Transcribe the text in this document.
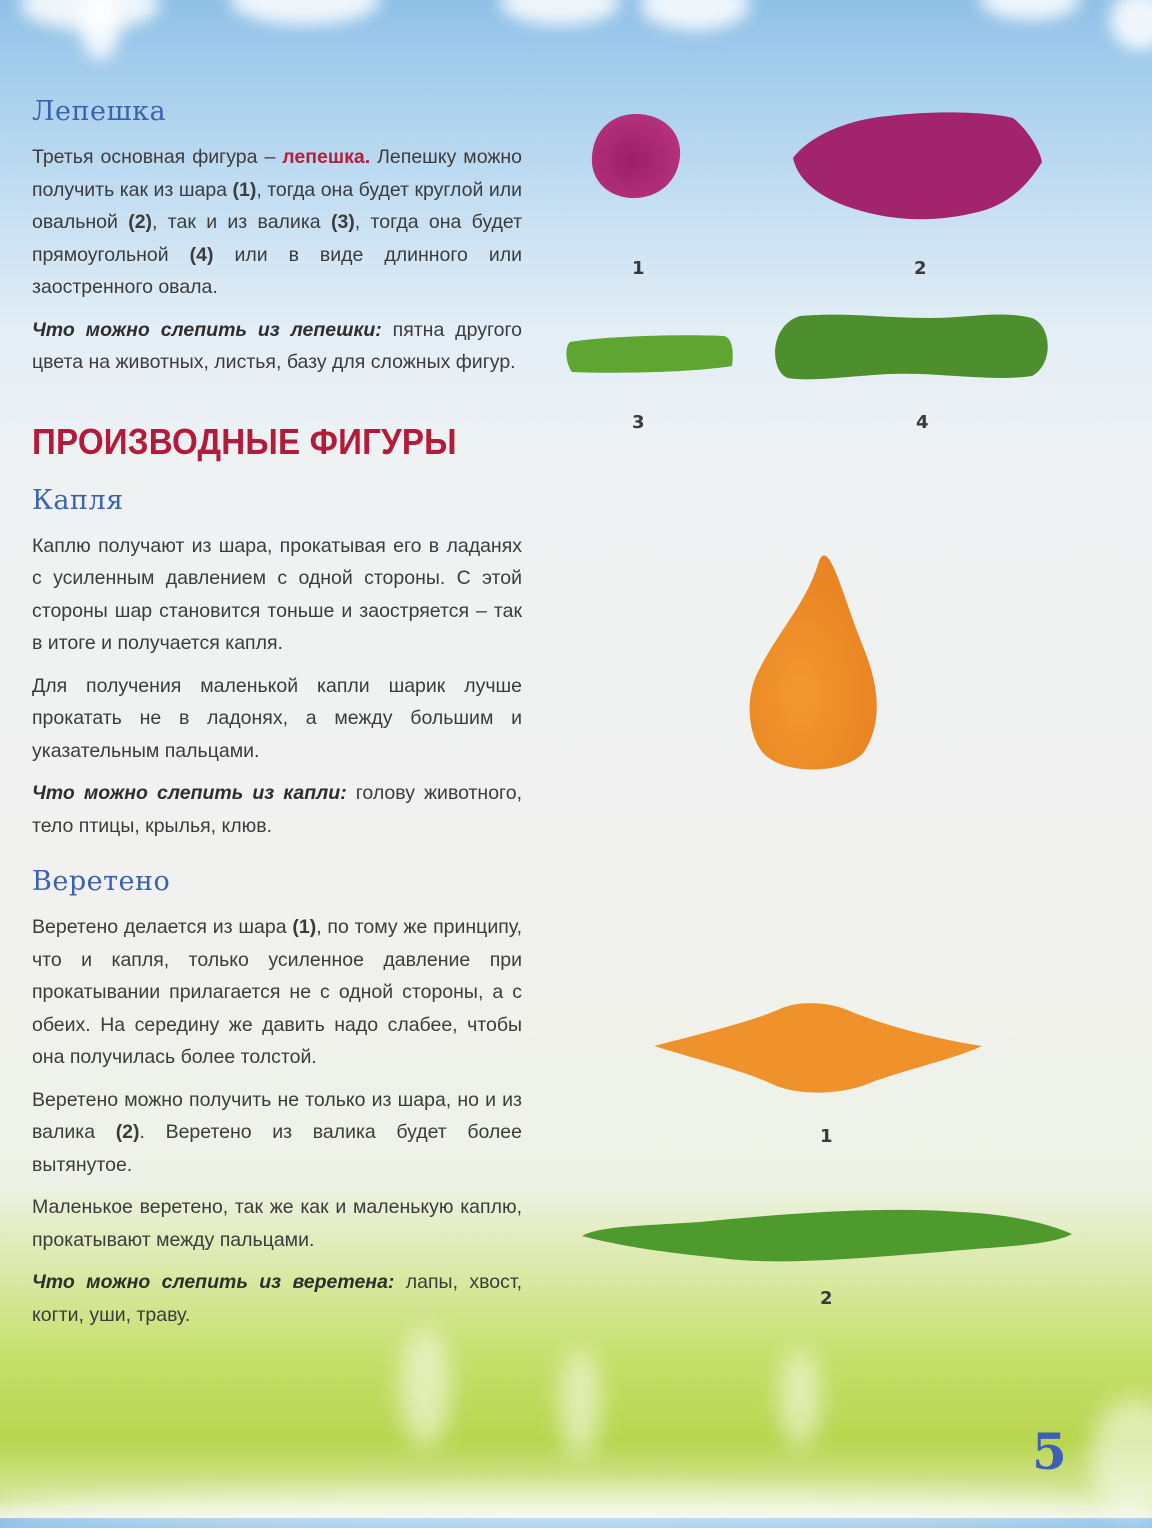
Лепешка

Третья основная фигура – лепешка. Лепешку можно получить как из шара (1), тогда она будет круглой или овальной (2), так и из валика (3), тогда она будет прямоугольной (4) или в виде длинного или заостренного овала.

Что можно слепить из лепешки: пятна другого цвета на животных, листья, базу для сложных фигур.

ПРОИЗВОДНЫЕ ФИГУРЫ
Капля

Каплю получают из шара, прокатывая его в ладанях с усиленным давлением с одной стороны. С этой стороны шар становится тоньше и заостряется – так в итоге и получается капля.

Для получения маленькой капли шарик лучше прокатать не в ладонях, а между большим и указательным пальцами.

Что можно слепить из капли: голову животного, тело птицы, крылья, клюв.

Веретено

Веретено делается из шара (1), по тому же принципу, что и капля, только усиленное давление при прокатывании прилагается не с одной стороны, а с обеих. На середину же давить надо слабее, чтобы она получилась более толстой.

Веретено можно получить не только из шара, но и из валика (2). Веретено из валика будет более вытянутое.

Маленькое веретено, так же как и маленькую каплю, прокатывают между пальцами.

Что можно слепить из веретена: лапы, хвост, когти, уши, траву.

1	2
3	4
1
2
5
